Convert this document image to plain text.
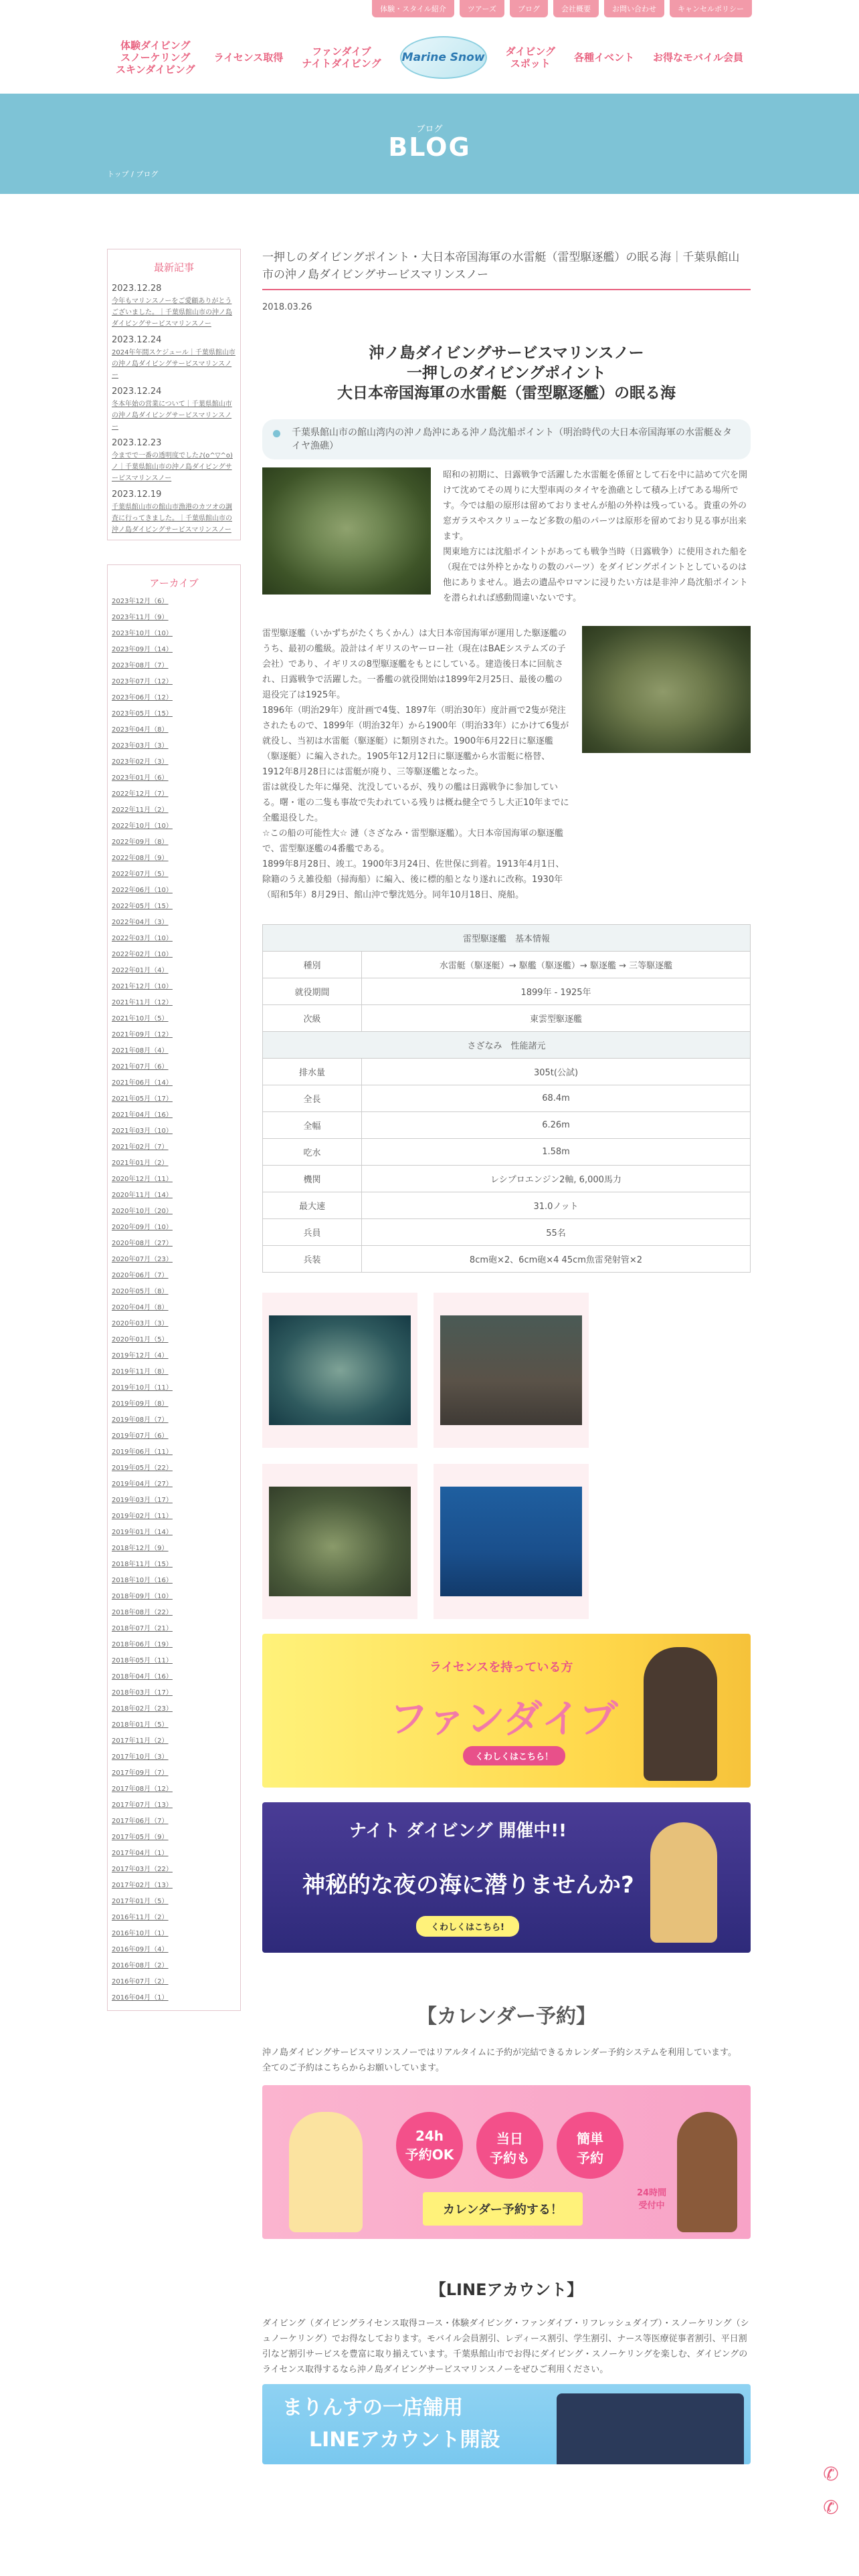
体験・スタイル紹介	ツアーズ	ブログ	会社概要	お問い合わせ	キャンセルポリシー
体験ダイビング
スノーケリング
スキンダイビング
ライセンス取得	ファンダイブ
ナイトダイビング Marine Snow ダイビング
スポット	各種イベント お得なモバイル会員
ブログ
BLOG
トップ / ブログ
最新記事
2023.12.28
今年もマリンスノーをご愛顧ありがとうございました。｜千葉県館山市の沖ノ島ダイビングサービスマリンスノー
2023.12.24
2024年年間スケジュール｜千葉県館山市の沖ノ島ダイビングサービスマリンスノー
2023.12.24
冬本年始の営業について｜千葉県館山市の沖ノ島ダイビングサービスマリンスノー
2023.12.23
今までで一番の透明度でした♪(o^▽^o)ノ｜千葉県館山市の沖ノ島ダイビングサービスマリンスノー
2023.12.19
千葉県館山市の館山市漁港のカツオの調査に行ってきました。｜千葉県館山市の沖ノ島ダイビングサービスマリンスノー
アーカイブ
2023年12月（6）
2023年11月（9）
2023年10月（10）
2023年09月（14）
2023年08月（7）
2023年07月（12）
2023年06月（12）
2023年05月（15）
2023年04月（8）
2023年03月（3）
2023年02月（3）
2023年01月（6）
2022年12月（7）
2022年11月（2）
2022年10月（10）
2022年09月（8）
2022年08月（9）
2022年07月（5）
2022年06月（10）
2022年05月（15）
2022年04月（3）
2022年03月（10）
2022年02月（10）
2022年01月（4）
2021年12月（10）
2021年11月（12）
2021年10月（5）
2021年09月（12）
2021年08月（4）
2021年07月（6）
2021年06月（14）
2021年05月（17）
2021年04月（16）
2021年03月（10）
2021年02月（7）
2021年01月（2）
2020年12月（11）
2020年11月（14）
2020年10月（20）
2020年09月（10）
2020年08月（27）
2020年07月（23）
2020年06月（7）
2020年05月（8）
2020年04月（8）
2020年03月（3）
2020年01月（5）
2019年12月（4）
2019年11月（8）
2019年10月（11）
2019年09月（8）
2019年08月（7）
2019年07月（6）
2019年06月（11）
2019年05月（22）
2019年04月（27）
2019年03月（17）
2019年02月（11）
2019年01月（14）
2018年12月（9）
2018年11月（15）
2018年10月（16）
2018年09月（10）
2018年08月（22）
2018年07月（21）
2018年06月（19）
2018年05月（11）
2018年04月（16）
2018年03月（17）
2018年02月（23）
2018年01月（5）
2017年11月（2）
2017年10月（3）
2017年09月（7）
2017年08月（12）
2017年07月（13）
2017年06月（7）
2017年05月（9）
2017年04月（1）
2017年03月（22）
2017年02月（13）
2017年01月（5）
2016年11月（2）
2016年10月（1）
2016年09月（4）
2016年08月（2）
2016年07月（2）
2016年04月（1）
一押しのダイビングポイント・大日本帝国海軍の水雷艇（雷型駆逐艦）の眠る海｜千葉県館山市の沖ノ島ダイビングサービスマリンスノー
2018.03.26
沖ノ島ダイビングサービスマリンスノー
一押しのダイビングポイント
大日本帝国海軍の水雷艇（雷型駆逐艦）の眠る海
千葉県館山市の館山湾内の沖ノ島沖にある沖ノ島沈船ポイント（明治時代の大日本帝国海軍の水雷艇＆タイヤ漁礁）
昭和の初期に、日露戦争で活躍した水雷艇を係留として石を中に詰めて穴を開けて沈めてその周りに大型車両のタイヤを漁礁として積み上げてある場所です。今では船の原形は留めておりませんが船の外枠は残っている。貴重の外の窓ガラスやスクリューなど多数の船のパーツは原形を留めており見る事が出来ます。
関東地方には沈船ポイントがあっても戦争当時（日露戦争）に使用された船を（現在では外枠とかなりの数のパーツ）をダイビングポイントとしているのは他にありません。過去の遺品やロマンに浸りたい方は是非沖ノ島沈船ポイントを潜られれば感動間違いないです。
雷型駆逐艦（いかずちがたくちくかん）は大日本帝国海軍が運用した駆逐艦のうち、最初の艦級。設計はイギリスのヤーロー社（現在はBAEシステムズの子会社）であり、イギリスの8型駆逐艦をもとにしている。建造後日本に回航され、日露戦争で活躍した。一番艦の就役開始は1899年2月25日、最後の艦の退役完了は1925年。
1896年（明治29年）度計画で4隻、1897年（明治30年）度計画で2隻が発注されたもので、1899年（明治32年）から1900年（明治33年）にかけて6隻が就役し、当初は水雷艇（駆逐艇）に類別された。1900年6月22日に駆逐艦（駆逐艇）に編入された。1905年12月12日に駆逐艦から水雷艇に格替、1912年8月28日には雷艇が廃り、三等駆逐艦となった。
雷は就役した年に爆発、沈没しているが、残りの艦は日露戦争に参加している。曙・電の二隻も事故で失われている残りは概ね健全でうし大正10年までに全艦退役した。
☆この船の可能性大☆ 漣（さざなみ・雷型駆逐艦）。大日本帝国海軍の駆逐艦で、雷型駆逐艦の4番艦である。
1899年8月28日、竣工。1900年3月24日、佐世保に到着。1913年4月1日、除籍のうえ雑役船（掃海船）に編入、後に標的船となり遂れに改称。1930年（昭和5年）8月29日、館山沖で撃沈処分。同年10月18日、廃船。
雷型駆逐艦　基本情報	
種別	水雷艇（駆逐艇）→ 駆艦（駆逐艦）→ 駆逐艦 → 三等駆逐艦
就役期間	1899年 - 1925年
次級	東雲型駆逐艦
さざなみ　性能諸元	
排水量	305t(公試)
全長	68.4m
全幅	6.26m
吃水	1.58m
機関	レシプロエンジン2軸, 6,000馬力
最大速	31.0ノット
兵員	55名
兵装	8cm砲×2、6cm砲×4 45cm魚雷発射管×2
ライセンスを持っている方
ファンダイブ
くわしくはこちら！
ナイト ダイビング 開催中!!
神秘的な夜の海に潜りませんか?
くわしくはこちら!
【カレンダー予約】
沖ノ島ダイビングサービスマリンスノーではリアルタイムに予約が完結できるカレンダー予約システムを利用しています。
全てのご予約はこちらからお願いしています。
24h
予約OK
当日
予約も
簡単
予約
カレンダー予約する！
24時間
受付中
【LINEアカウント】
ダイビング（ダイビングライセンス取得コース・体験ダイビング・ファンダイブ・リフレッシュダイブ）・スノーケリング（シュノーケリング）でお得なしております。モバイル会員割引、レディース割引、学生割引、ナース等医療従事者割引、平日割引など割引サービスを豊富に取り揃えています。千葉県館山市でお得にダイビング・スノーケリングを楽しむ、ダイビングのライセンス取得するなら沖ノ島ダイビングサービスマリンスノーをぜひご利用ください。
まりんすの一店舗用
LINEアカウント開設
✆
✆
